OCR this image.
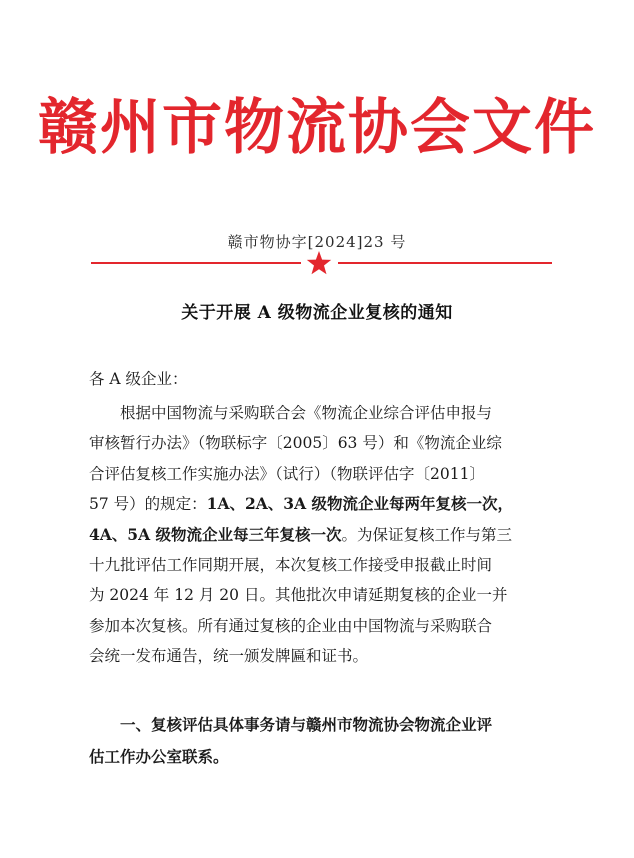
赣州市物流协会文件
赣市物协字[2024]23 号
关于开展 A 级物流企业复核的通知
各 A 级企业：
根据中国物流与采购联合会《物流企业综合评估申报与
审核暂行办法》（物联标字〔2005〕63 号）和《物流企业综
合评估复核工作实施办法》（试行）（物联评估字〔2011〕
57 号）的规定：1A、2A、3A 级物流企业每两年复核一次，
4A、5A 级物流企业每三年复核一次。为保证复核工作与第三
十九批评估工作同期开展，本次复核工作接受申报截止时间
为 2024 年 12 月 20 日。其他批次申请延期复核的企业一并
参加本次复核。所有通过复核的企业由中国物流与采购联合
会统一发布通告，统一颁发牌匾和证书。
一、复核评估具体事务请与赣州市物流协会物流企业评
估工作办公室联系。
